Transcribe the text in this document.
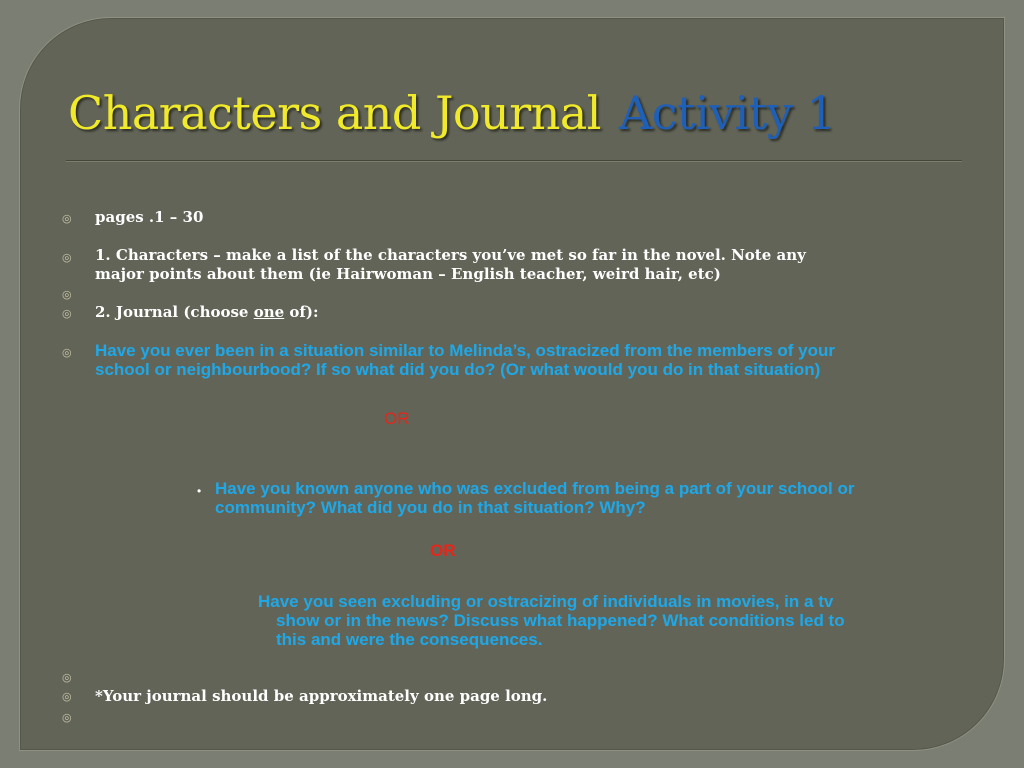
Characters and Journal Activity 1
◎
◎
◎
◎
◎
◎
◎
◎

pages .1 – 30

1. Characters – make a list of the characters you’ve met so far in the novel. Note any

major points about them (ie Hairwoman – English teacher, weird hair, etc)

2. Journal (choose one of):

Have you ever been in a situation similar to Melinda’s, ostracized from the members of your

school or neighbourbood? If so what did you do? (Or what would you do in that situation)

OR

• Have you known anyone who was excluded from being a part of your school or

community? What did you do in that situation? Why?

OR

Have you seen excluding or ostracizing of individuals in movies, in a tv

show or in the news? Discuss what happened? What conditions led to

this and were the consequences.

*Your journal should be approximately one page long.
